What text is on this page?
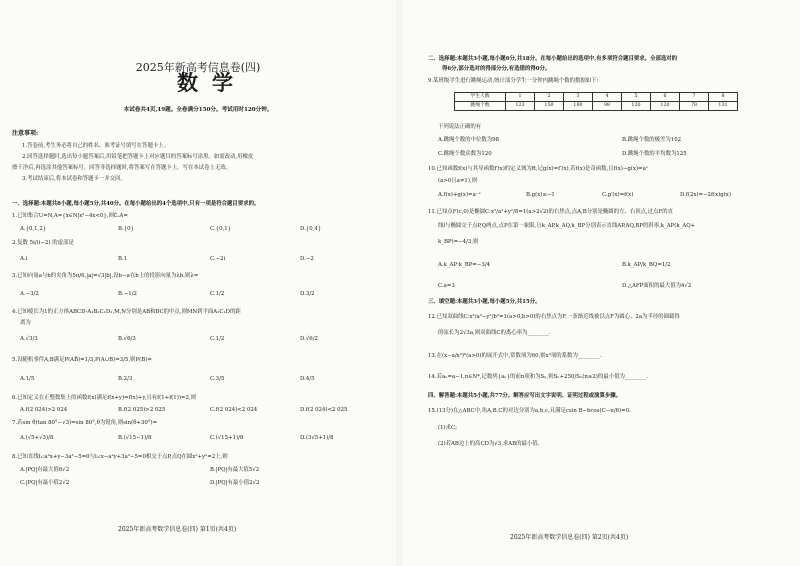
2025年新高考信息卷(四)
数学
本试卷共4页,19题。全卷满分150分。考试用时120分钟。
注意事项:
1.答卷前,考生务必将自己的姓名、准考证号填写在答题卡上。
2.回答选择题时,选出每小题答案后,用铅笔把答题卡上对应题目的答案标号涂黑。如需改动,用橡皮
擦干净后,再选涂其他答案标号。回答非选择题时,将答案写在答题卡上。写在本试卷上无效。
3.考试结束后,将本试卷和答题卡一并交回。
一、选择题:本题共8小题,每小题5分,共40分。在每小题给出的4个选项中,只有一项是符合题目要求的。
1.已知集合U=N,A={x∈N|x²−4x<0},则∁ᵤA=
A.{0,1,2}	B.{0}	C.{0,1}	D.{0,4}
2.复数 5i/(i−2) 的虚部是
A.i	B.1	C.−2i	D.−2
3.已知向量a与b的夹角为5π/6,|a|=√3|b|,设b−a在b上的投影向量为λb,则λ=
A.−3/2	B.−1/2	C.1/2	D.3/2
4.已知棱长为1的正方体ABCD-A₁B₁C₁D₁,M,N分别是AB和BC的中点,则MN到平面A₁C₁D的距
离为
A.√3/3	B.√6/3	C.1/2	D.√6/2
5.设随机事件A,B满足P(AB̄)=1/3,P(A∪B)=3/5,则P(B)=
A.1/5	B.2/3	C.3/5	D.4/5
6.已知定义在正整数集上的函数f(x)满足f(x+y)=f(x)+y,且有f(1+f(1))=2,则
A.f(2 024)>2 024	B.f(2 025)>2 025	C.f(2 024)<2 024	D.f(2 024)<2 025
7.若sin θ(tan 80°−√3)=sin 80°,θ为锐角,则sin(θ+30°)=
A.(√5+√3)/8	B.(√15−1)/8	C.(√15+1)/8	D.(3√5+1)/8
8.已知直线l₁:a²x+y−3a²−5=0与l₂:x−a²y+3a²−5=0相交于点P,点Q在圆x²+y²=2上,则
A.|PQ|有最大值6√2	B.|PQ|有最大值5√2
C.|PQ|有最小值2√2	D.|PQ|有最小值2√2
2025年新高考数学信息卷(四) 第1页(共4页)
二、选择题:本题共3小题,每小题6分,共18分。在每小题给出的选项中,有多项符合题目要求。全部选对的
得6分,部分选对的得部分分,有选错的得0分。
9.某班级学生进行跳绳运动,统计部分学生一分钟内跳绳个数的数据如下:
学生人数	1	2	3	4	5	6	7	8
跳绳个数	123	150	180	98	120	120	78	131
下列说法正确的有
A.跳绳个数的中位数为98	B.跳绳个数的极差为102
C.跳绳个数众数为120	D.跳绳个数的平均数为125
10.已知函数f(x)与其导函数f′(x)的定义域为R,记g(x)=f′(x),若f(x)是奇函数,且f(x)−g(x)=aˣ
(a>0且a≠1),则
A.f(x)+g(x)=a⁻ˣ	B.g(x)≤−1	C.g′(x)=f(x)	D.f(2x)=−2f(x)g(x)
11.已知点F(c,0)是椭圆C:x²/a²+y²/8=1(a>2√2)的右焦点,点A,B分别是椭圆的左、右顶点,过点F的直
线l与椭圆交于点P,Q两点,点P在第一象限,且k_AP,k_AQ,k_BP分别表示直线AP,AQ,BP的斜率,k_AP(k_AQ+
k_BP)=−4/3,则
A.k_AP·k_BP=−3/4	B.k_AP/k_BQ=1/2
C.a=3	D.△AFP面积的最大值为4√2
三、填空题:本题共3小题,每小题5分,共15分。
12.已知双曲线C:x²/a²−y²/b²=1(a>0,b>0)的右焦点为F,一条渐近线被以点F为圆心、2a为半径的圆截得
的弦长为2√3a,则双曲线C的离心率为________.
13.在(x−a/x²)⁶(a>0)的展开式中,常数项为60,则x³项的系数为________.
14.若aₙ=a−1,n∈N*,记数列{aₙ}的前n项和为Sₙ,则Sₙ+250/Sₙ(n≥2)的最小值为________.
四、解答题:本题共5小题,共77分。解答应写出文字说明、证明过程或演算步骤。
15.(13分)在△ABC中,角A,B,C的对边分别为a,b,c,且满足csin B−bcos(C−π/6)=0.
(1)求C;
(2)若AB边上的高CD为√3,求AB的最小值.
2025年新高考数学信息卷(四) 第2页(共4页)
